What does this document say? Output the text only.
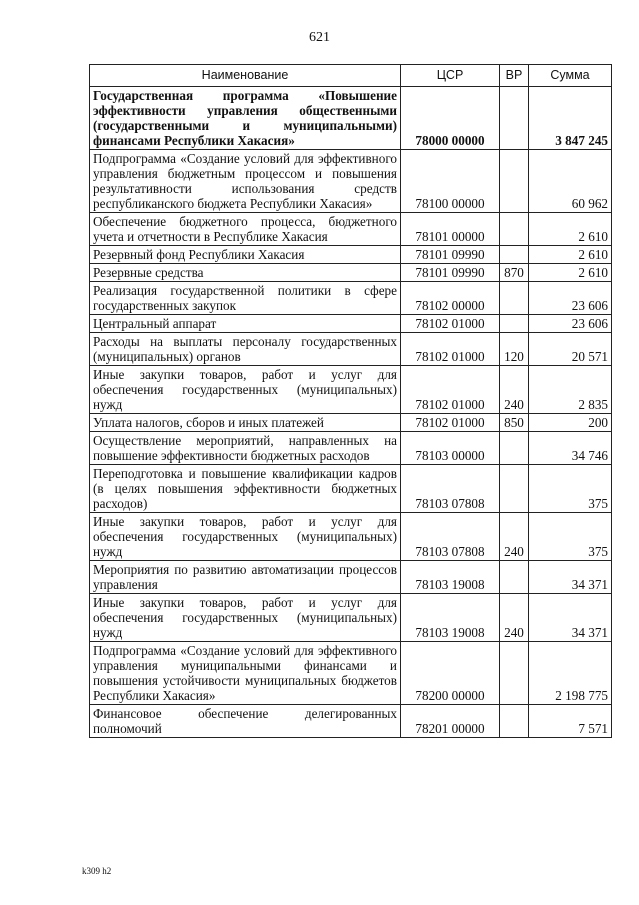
621
Наименование	ЦСР	ВР	Сумма
Государственная программа «Повышение эффективности управления общественными (государственными и муниципальными) финансами Республики Хакасия»	78000 00000		3 847 245
Подпрограмма «Создание условий для эффективного управления бюджетным процессом и повышения результативности использования средств республиканского бюджета Республики Хакасия»	78100 00000		60 962
Обеспечение бюджетного процесса, бюджетного учета и отчетности в Республике Хакасия	78101 00000		2 610
Резервный фонд Республики Хакасия	78101 09990		2 610
Резервные средства	78101 09990	870	2 610
Реализация государственной политики в сфере государственных закупок	78102 00000		23 606
Центральный аппарат	78102 01000		23 606
Расходы на выплаты персоналу государственных (муниципальных) органов	78102 01000	120	20 571
Иные закупки товаров, работ и услуг для обеспечения государственных (муниципальных) нужд	78102 01000	240	2 835
Уплата налогов, сборов и иных платежей	78102 01000	850	200
Осуществление мероприятий, направленных на повышение эффективности бюджетных расходов	78103 00000		34 746
Переподготовка и повышение квалификации кадров (в целях повышения эффективности бюджетных расходов)	78103 07808		375
Иные закупки товаров, работ и услуг для обеспечения государственных (муниципальных) нужд	78103 07808	240	375
Мероприятия по развитию автоматизации процессов управления	78103 19008		34 371
Иные закупки товаров, работ и услуг для обеспечения государственных (муниципальных) нужд	78103 19008	240	34 371
Подпрограмма «Создание условий для эффективного управления муниципальными финансами и повышения устойчивости муниципальных бюджетов Республики Хакасия»	78200 00000		2 198 775
Финансовое обеспечение делегированных полномочий	78201 00000		7 571
k309 h2
